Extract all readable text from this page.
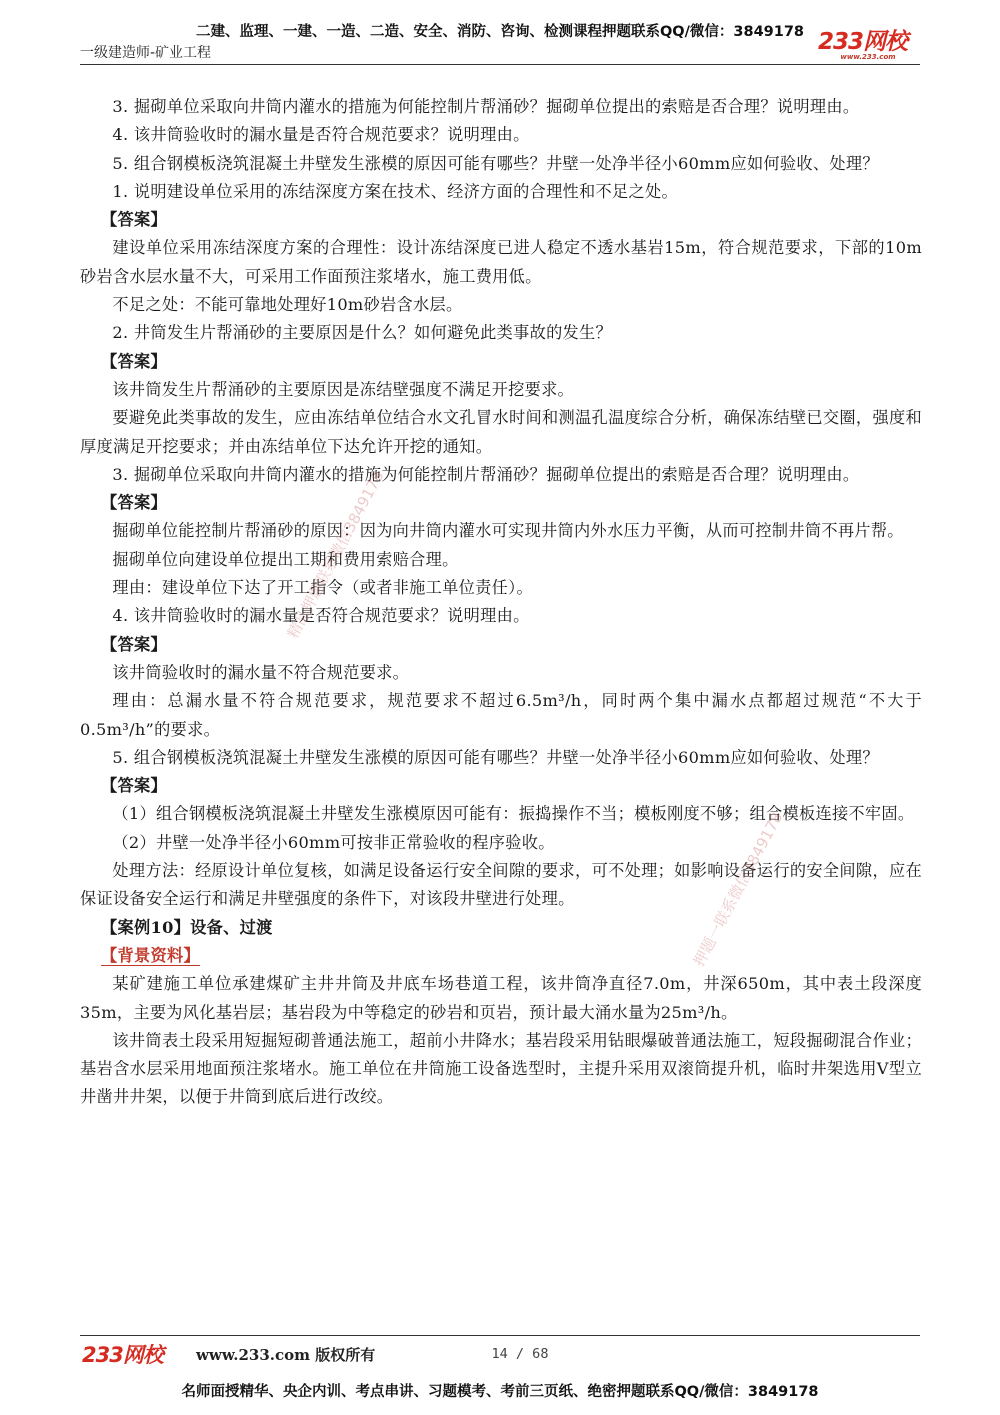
二建、监理、一建、一造、二造、安全、消防、咨询、检测课程押题联系QQ/微信：3849178
一级建造师-矿业工程	233网校
www.233.com

3. 掘砌单位采取向井筒内灌水的措施为何能控制片帮涌砂？掘砌单位提出的索赔是否合理？说明理由。

4. 该井筒验收时的漏水量是否符合规范要求？说明理由。

5. 组合钢模板浇筑混凝土井壁发生涨模的原因可能有哪些？井壁一处净半径小60mm应如何验收、处理？

1. 说明建设单位采用的冻结深度方案在技术、经济方面的合理性和不足之处。

【答案】

建设单位采用冻结深度方案的合理性：设计冻结深度已进人稳定不透水基岩15m，符合规范要求，下部的10m砂岩含水层水量不大，可采用工作面预注浆堵水，施工费用低。

不足之处：不能可靠地处理好10m砂岩含水层。

2. 井筒发生片帮涌砂的主要原因是什么？如何避免此类事故的发生？

【答案】

该井筒发生片帮涌砂的主要原因是冻结壁强度不满足开挖要求。

要避免此类事故的发生，应由冻结单位结合水文孔冒水时间和测温孔温度综合分析，确保冻结壁已交圈，强度和厚度满足开挖要求；并由冻结单位下达允许开挖的通知。

3. 掘砌单位采取向井筒内灌水的措施为何能控制片帮涌砂？掘砌单位提出的索赔是否合理？说明理由。

【答案】

掘砌单位能控制片帮涌砂的原因：因为向井筒内灌水可实现井筒内外水压力平衡，从而可控制井筒不再片帮。

掘砌单位向建设单位提出工期和费用索赔合理。

理由：建设单位下达了开工指令（或者非施工单位责任）。

4. 该井筒验收时的漏水量是否符合规范要求？说明理由。

【答案】

该井筒验收时的漏水量不符合规范要求。

理由：总漏水量不符合规范要求，规范要求不超过6.5m³/h，同时两个集中漏水点都超过规范“不大于0.5m³/h”的要求。

5. 组合钢模板浇筑混凝土井壁发生涨模的原因可能有哪些？井壁一处净半径小60mm应如何验收、处理？

【答案】

（1）组合钢模板浇筑混凝土井壁发生涨模原因可能有：振捣操作不当；模板刚度不够；组合模板连接不牢固。

（2）井壁一处净半径小60mm可按非正常验收的程序验收。

处理方法：经原设计单位复核，如满足设备运行安全间隙的要求，可不处理；如影响设备运行的安全间隙，应在保证设备安全运行和满足井壁强度的条件下，对该段井壁进行处理。

【案例10】设备、过渡

【背景资料】

某矿建施工单位承建煤矿主井井筒及井底车场巷道工程，该井筒净直径7.0m，井深650m，其中表土段深度35m，主要为风化基岩层；基岩段为中等稳定的砂岩和页岩，预计最大涌水量为25m³/h。

该井筒表土段采用短掘短砌普通法施工，超前小井降水；基岩段采用钻眼爆破普通法施工，短段掘砌混合作业；基岩含水层采用地面预注浆堵水。施工单位在井筒施工设备选型时，主提升采用双滚筒提升机，临时井架选用V型立井凿井井架，以便于井筒到底后进行改绞。

精品押题联系微信3849178
押题一联系微信3849178
233网校 www.233.com 版权所有	14 / 68
名师面授精华、央企内训、考点串讲、习题模考、考前三页纸、绝密押题联系QQ/微信：3849178
